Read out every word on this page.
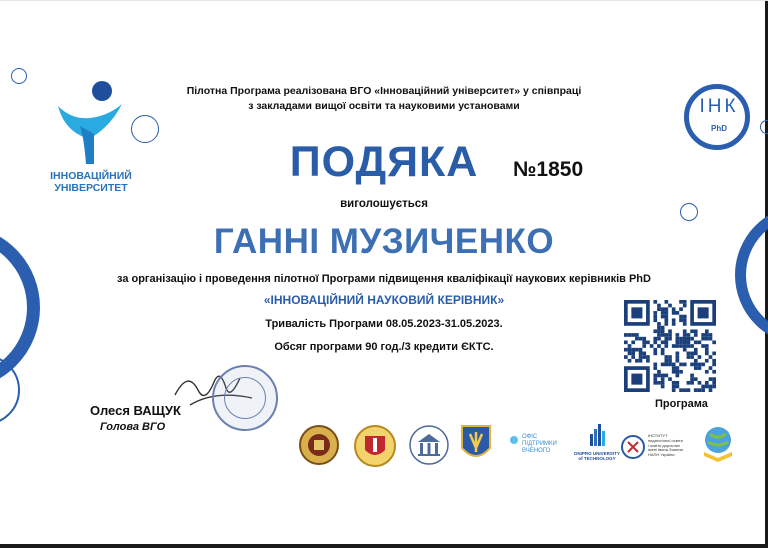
ІННОВАЦІЙНИЙ
УНІВЕРСИТЕТ
ІНК
PhD
Пілотна Програма реалізована ВГО «Інноваційний університет» у співпраці
з закладами вищої освіти та науковими установами
ПОДЯКА	№1850
виголошується
ГАННІ МУЗИЧЕНКО
за організацію і проведення пілотної Програми підвищення кваліфікації наукових керівників PhD
«ІННОВАЦІЙНИЙ НАУКОВИЙ КЕРІВНИК»
Тривалість Програми 08.05.2023-31.05.2023.
Обсяг програми 90 год./3 кредити ЄКТС.
Олеся ВАЩУК
Голова ВГО
Програма
ОФІС
ПІДТРИМКИ
ВЧЕНОГО	DNIPRO UNIVERSITY
of TECHNOLOGY
ІНСТИТУТ
педагогічної освіти
і освіти дорослих
імені Івана Зязюна
НАПН України
